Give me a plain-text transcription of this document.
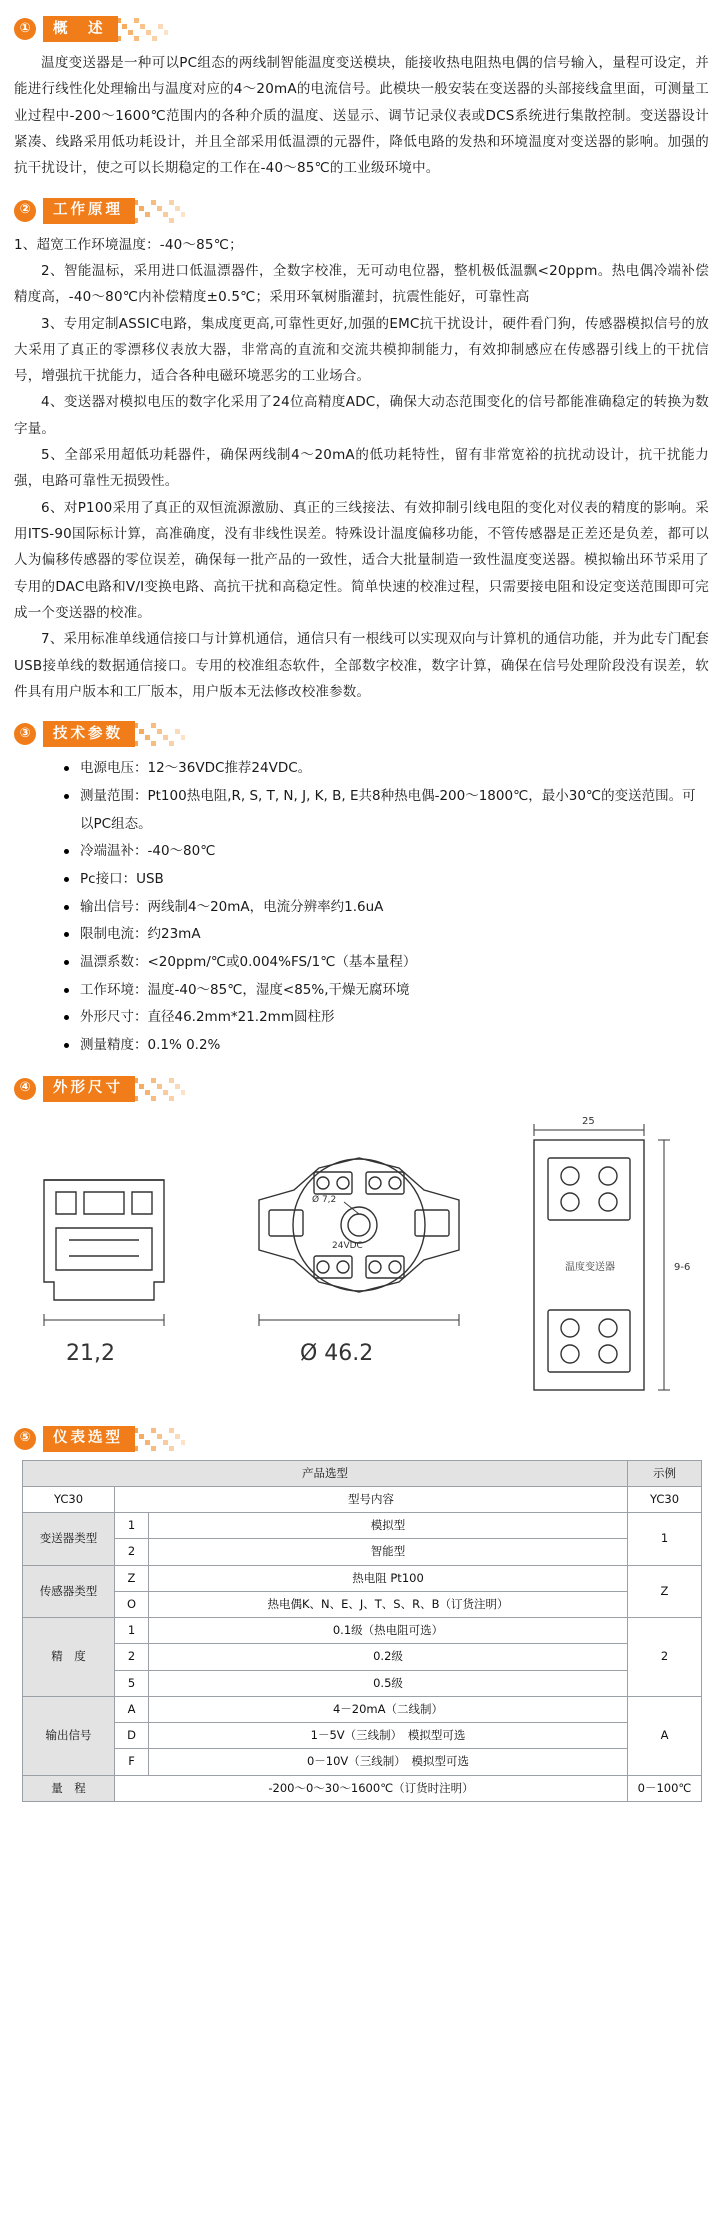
①	概　述

温度变送器是一种可以PC组态的两线制智能温度变送模块，能接收热电阻热电偶的信号输入，量程可设定，并能进行线性化处理输出与温度对应的4～20mA的电流信号。此模块一般安装在变送器的头部接线盒里面，可测量工业过程中-200～1600℃范围内的各种介质的温度、送显示、调节记录仪表或DCS系统进行集散控制。变送器设计紧凑、线路采用低功耗设计，并且全部采用低温漂的元器件，降低电路的发热和环境温度对变送器的影响。加强的抗干扰设计，使之可以长期稳定的工作在-40～85℃的工业级环境中。

②	工作原理

1、超宽工作环境温度：-40～85℃；

2、智能温标，采用进口低温漂器件，全数字校准，无可动电位器，整机极低温飘<20ppm。热电偶冷端补偿精度高，-40～80℃内补偿精度±0.5℃；采用环氧树脂灌封，抗震性能好，可靠性高

3、专用定制ASSIC电路，集成度更高,可靠性更好,加强的EMC抗干扰设计，硬件看门狗，传感器模拟信号的放大采用了真正的零漂移仪表放大器，非常高的直流和交流共模抑制能力，有效抑制感应在传感器引线上的干扰信号，增强抗干扰能力，适合各种电磁环境恶劣的工业场合。

4、变送器对模拟电压的数字化采用了24位高精度ADC，确保大动态范围变化的信号都能准确稳定的转换为数字量。

5、全部采用超低功耗器件，确保两线制4～20mA的低功耗特性，留有非常宽裕的抗扰动设计，抗干扰能力强，电路可靠性无损毁性。

6、对P100采用了真正的双恒流源激励、真正的三线接法、有效抑制引线电阻的变化对仪表的精度的影响。采用ITS-90国际标计算，高准确度，没有非线性误差。特殊设计温度偏移功能，不管传感器是正差还是负差，都可以人为偏移传感器的零位误差，确保每一批产品的一致性，适合大批量制造一致性温度变送器。模拟输出环节采用了专用的DAC电路和V/I变换电路、高抗干扰和高稳定性。简单快速的校准过程，只需要接电阻和设定变送范围即可完成一个变送器的校准。

7、采用标准单线通信接口与计算机通信，通信只有一根线可以实现双向与计算机的通信功能，并为此专门配套USB接单线的数据通信接口。专用的校准组态软件，全部数字校准，数字计算，确保在信号处理阶段没有误差，软件具有用户版本和工厂版本，用户版本无法修改校准参数。

③	技术参数
电源电压：12～36VDC推荐24VDC。
测量范围：Pt100热电阻,R, S, T, N, J, K, B, E共8种热电偶-200～1800℃，最小30℃的变送范围。可以PC组态。
冷端温补：-40～80℃
Pc接口：USB
输出信号：两线制4～20mA，电流分辨率约1.6uA
限制电流：约23mA
温漂系数：<20ppm/℃或0.004%FS/1℃（基本量程）
工作环境：温度-40～85℃，湿度<85%,干燥无腐环境
外形尺寸：直径46.2mm*21.2mm圆柱形
测量精度：0.1% 0.2%
④	外形尺寸
21,2	Ø 46.2
Ø 7,2
24VDC
25
9-6
温度变送器
⑤	仪表选型
产品选型			示例
YC30	型号内容		YC30
变送器类型	1	模拟型	1
	2	智能型	
传感器类型	Z	热电阻 Pt100	Z
	O	热电偶K、N、E、J、T、S、R、B（订货注明）	
精　度	1	0.1级（热电阻可选）	2
	2	0.2级	
	5	0.5级	
输出信号	A	4－20mA（二线制）	A
	D	1－5V（三线制）　模拟型可选	
	F	0－10V（三线制）　模拟型可选	
量　程	-200～0～30～1600℃（订货时注明）		0－100℃
